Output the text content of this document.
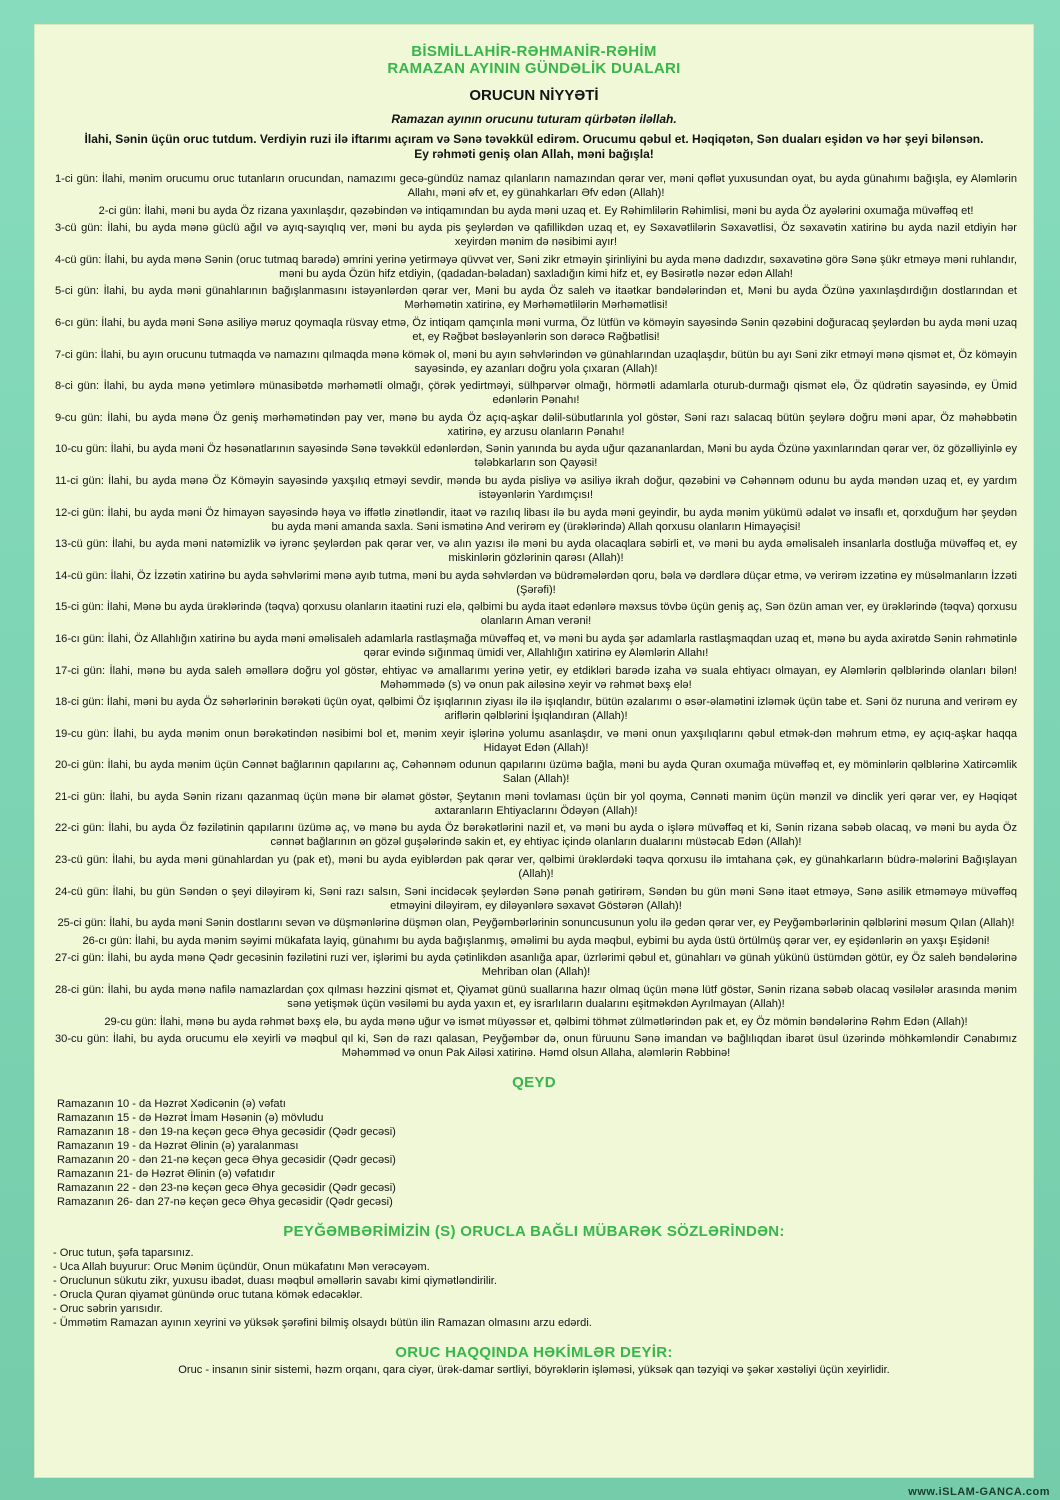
BİSMİLLAHİR-RƏHMANİR-RƏHİM
RAMAZAN AYININ GÜNDƏLİK DUALARI
ORUCUN NİYYƏTİ
Ramazan ayının orucunu tuturam qürbətən iləllah.
İlahi, Sənin üçün oruc tutdum. Verdiyin ruzi ilə iftarımı açıram və Sənə təvəkkül edirəm. Orucumu qəbul et. Həqiqətən, Sən duaları eşidən və hər şeyi bilənsən. Ey rəhməti geniş olan Allah, məni bağışla!
1-ci gün: İlahi, mənim orucumu oruc tutanların orucundan, namazımı gecə-gündüz namaz qılanların namazından qərar ver, məni qəflət yuxusundan oyat, bu ayda günahımı bağışla, ey Aləmlərin Allahı, məni əfv et, ey günahkarları Əfv edən (Allah)!
2-ci gün: İlahi, məni bu ayda Öz rizana yaxınlaşdır, qəzəbindən və intiqamından bu ayda məni uzaq et. Ey Rəhimlilərin Rəhimlisi, məni bu ayda Öz ayələrini oxumağa müvəffəq et!
3-cü gün: İlahi, bu ayda mənə güclü ağıl və ayıq-sayıqlıq ver, məni bu ayda pis şeylərdən və qafillikdən uzaq et, ey Səxavətlilərin Səxavətlisi, Öz səxavətin xatirinə bu ayda nazil etdiyin hər xeyirdən mənim də nəsibimi ayır!
4-cü gün: İlahi, bu ayda mənə Sənin (oruc tutmaq barədə) əmrini yerinə yetirməyə qüvvət ver, Səni zikr etməyin şirinliyini bu ayda mənə dadızdır, səxavətinə görə Sənə şükr etməyə məni ruhlandır, məni bu ayda Özün hifz etdiyin, (qadadan-bəladan) saxladığın kimi hifz et, ey Bəsirətlə nəzər edən Allah!
5-ci gün: İlahi, bu ayda məni günahlarının bağışlanmasını istəyənlərdən qərar ver, Məni bu ayda Öz saleh və itaətkar bəndələrindən et, Məni bu ayda Özünə yaxınlaşdırdığın dostlarından et Mərhəmətin xatirinə, ey Mərhəmətlilərin Mərhəmətlisi!
6-cı gün: İlahi, bu ayda məni Sənə asiliyə məruz qoymaqla rüsvay etmə, Öz intiqam qamçınla məni vurma, Öz lütfün və köməyin sayəsində Sənin qəzəbini doğuracaq şeylərdən bu ayda məni uzaq et, ey Rəğbət bəsləyənlərin son dərəcə Rəğbətlisi!
7-ci gün: İlahi, bu ayın orucunu tutmaqda və namazını qılmaqda mənə kömək ol, məni bu ayın səhvlərindən və günahlarından uzaqlaşdır, bütün bu ayı Səni zikr etməyi mənə qismət et, Öz köməyin sayəsində, ey azanları doğru yola çıxaran (Allah)!
8-ci gün: İlahi, bu ayda mənə yetimlərə münasibətdə mərhəmətli olmağı, çörək yedirtməyi, sülhpərvər olmağı, hörmətli adamlarla oturub-durmağı qismət elə, Öz qüdrətin sayəsində, ey Ümid edənlərin Pənahı!
9-cu gün: İlahi, bu ayda mənə Öz geniş mərhəmətindən pay ver, mənə bu ayda Öz açıq-aşkar dəlil-sübutlarınla yol göstər, Səni razı salacaq bütün şeylərə doğru məni apar, Öz məhəbbətin xatirinə, ey arzusu olanların Pənahı!
10-cu gün: İlahi, bu ayda məni Öz həsənatlarının sayəsində Sənə təvəkkül edənlərdən, Sənin yanında bu ayda uğur qazananlardan, Məni bu ayda Özünə yaxınlarından qərar ver, öz gözəlliyinlə ey tələbkarların son Qayəsi!
11-ci gün: İlahi, bu ayda mənə Öz Köməyin sayəsində yaxşılıq etməyi sevdir, məndə bu ayda pisliyə və asiliyə ikrah doğur, qəzəbini və Cəhənnəm odunu bu ayda məndən uzaq et, ey yardım istəyənlərin Yardımçısı!
12-ci gün: İlahi, bu ayda məni Öz himayən sayəsində həya və iffətlə zinətləndir, itaət və razılıq libası ilə bu ayda məni geyindir, bu ayda mənim yükümü ədalət və insaflı et, qorxduğum hər şeydən bu ayda məni amanda saxla. Səni ismətinə And verirəm ey (ürəklərində) Allah qorxusu olanların Himayəçisi!
13-cü gün: İlahi, bu ayda məni natəmizlik və iyrənc şeylərdən pak qərar ver, və alın yazısı ilə məni bu ayda olacaqlara səbirli et, və məni bu ayda əməlisaleh insanlarla dostluğa müvəffəq et, ey miskinlərin gözlərinin qarəsı (Allah)!
14-cü gün: İlahi, Öz İzzətin xatirinə bu ayda səhvlərimi mənə ayıb tutma, məni bu ayda səhvlərdən və büdrəmələrdən qoru, bəla və dərdlərə düçar etmə, və verirəm izzətinə ey müsəlmanların İzzəti (Şərəfi)!
15-ci gün: İlahi, Mənə bu ayda ürəklərində (təqva) qorxusu olanların itaətini ruzi elə, qəlbimi bu ayda itaət edənlərə məxsus tövbə üçün geniş aç, Sən özün aman ver, ey ürəklərində (təqva) qorxusu olanların Aman verəni!
16-cı gün: İlahi, Öz Allahlığın xatirinə bu ayda məni əməlisaleh adamlarla rastlaşmağa müvəffəq et, və məni bu ayda şər adamlarla rastlaşmaqdan uzaq et, mənə bu ayda axirətdə Sənin rəhmətinlə qərar evində sığınmaq ümidi ver, Allahlığın xatirinə ey Aləmlərin Allahı!
17-ci gün: İlahi, mənə bu ayda saleh əməllərə doğru yol göstər, ehtiyac və amallarımı yerinə yetir, ey etdikləri barədə izaha və suala ehtiyacı olmayan, ey Aləmlərin qəlblərində olanları bilən! Məhəmmədə (s) və onun pak ailəsinə xeyir və rəhmət bəxş elə!
18-ci gün: İlahi, məni bu ayda Öz səhərlərinin bərəkəti üçün oyat, qəlbimi Öz işıqlarının ziyası ilə ilə işıqlandır, bütün əzalarımı o əsər-əlamətini izləmək üçün tabe et. Səni öz nuruna and verirəm ey ariflərin qəlblərini İşıqlandıran (Allah)!
19-cu gün: İlahi, bu ayda mənim onun bərəkətindən nəsibimi bol et, mənim xeyir işlərinə yolumu asanlaşdır, və məni onun yaxşılıqlarını qəbul etmək-dən məhrum etmə, ey açıq-aşkar haqqa Hidayət Edən (Allah)!
20-ci gün: İlahi, bu ayda mənim üçün Cənnət bağlarının qapılarını aç, Cəhənnəm odunun qapılarını üzümə bağla, məni bu ayda Quran oxumağa müvəffəq et, ey möminlərin qəlblərinə Xatircəmlik Salan (Allah)!
21-ci gün: İlahi, bu ayda Sənin rizanı qazanmaq üçün mənə bir əlamət göstər, Şeytanın məni tovlaması üçün bir yol qoyma, Cənnəti mənim üçün mənzil və dinclik yeri qərar ver, ey Həqiqət axtaranların Ehtiyaclarını Ödəyən (Allah)!
22-ci gün: İlahi, bu ayda Öz fəzilətinin qapılarını üzümə aç, və mənə bu ayda Öz bərəkətlərini nazil et, və məni bu ayda o işlərə müvəffəq et ki, Sənin rizana səbəb olacaq, və məni bu ayda Öz cənnət bağlarının ən gözəl guşələrində sakin et, ey ehtiyac içində olanların dualarını müstəcab Edən (Allah)!
23-cü gün: İlahi, bu ayda məni günahlardan yu (pak et), məni bu ayda eyiblərdən pak qərar ver, qəlbimi ürəklərdəki təqva qorxusu ilə imtahana çək, ey günahkarların büdrə-mələrini Bağışlayan (Allah)!
24-cü gün: İlahi, bu gün Səndən o şeyi diləyirəm ki, Səni razı salsın, Səni incidəcək şeylərdən Sənə pənah gətirirəm, Səndən bu gün məni Sənə itaət etməyə, Sənə asilik etməməyə müvəffəq etməyini diləyirəm, ey diləyənlərə səxavət Göstərən (Allah)!
25-ci gün: İlahi, bu ayda məni Sənin dostlarını sevən və düşmənlərinə düşmən olan, Peyğəmbərlərinin sonuncusunun yolu ilə gedən qərar ver, ey Peyğəmbərlərinin qəlblərini məsum Qılan (Allah)!
26-cı gün: İlahi, bu ayda mənim səyimi mükafata layiq, günahımı bu ayda bağışlanmış, əməlimi bu ayda məqbul, eybimi bu ayda üstü örtülmüş qərar ver, ey eşidənlərin ən yaxşı Eşidəni!
27-ci gün: İlahi, bu ayda mənə Qədr gecəsinin fəzilətini ruzi ver, işlərimi bu ayda çətinlikdən asanlığa apar, üzrlərimi qəbul et, günahları və günah yükünü üstümdən götür, ey Öz saleh bəndələrinə Mehriban olan (Allah)!
28-ci gün: İlahi, bu ayda mənə nafilə namazlardan çox qılması həzzini qismət et, Qiyamət günü suallarına hazır olmaq üçün mənə lütf göstər, Sənin rizana səbəb olacaq vəsilələr arasında mənim sənə yetişmək üçün vəsiləmi bu ayda yaxın et, ey israrlıların dualarını eşitməkdən Ayrılmayan (Allah)!
29-cu gün: İlahi, mənə bu ayda rəhmət bəxş elə, bu ayda mənə uğur və ismət müyəssər et, qəlbimi töhmət zülmətlərindən pak et, ey Öz mömin bəndələrinə Rəhm Edən (Allah)!
30-cu gün: İlahi, bu ayda orucumu elə xeyirli və məqbul qıl ki, Sən də razı qalasan, Peyğəmbər də, onun füruunu Sənə imandan və bağlılıqdan ibarət üsul üzərində möhkəmləndir Cənabımız Məhəmməd və onun Pak Ailəsi xatirinə. Həmd olsun Allaha, aləmlərin Rəbbinə!
QEYD
Ramazanın 10 - da Həzrət Xədicənin (ə) vəfatı
Ramazanın 15 - də Həzrət İmam Həsənin (ə) mövludu
Ramazanın 18 - dən 19-na keçən gecə Əhya gecəsidir (Qədr gecəsi)
Ramazanın 19 - da Həzrət Əlinin (ə) yaralanması
Ramazanın 20 - dən 21-nə keçən gecə Əhya gecəsidir (Qədr gecəsi)
Ramazanın 21- də Həzrət Əlinin (ə) vəfatıdır
Ramazanın 22 - dən 23-nə keçən gecə Əhya gecəsidir (Qədr gecəsi)
Ramazanın 26- dan 27-nə keçən gecə Əhya gecəsidir (Qədr gecəsi)
PEYĞƏMBƏRİMİZİN (S) ORUCLA BAĞLI MÜBARƏK SÖZLƏRİNDƏN:
- Oruc tutun, şəfa taparsınız.
- Uca Allah buyurur: Oruc Mənim üçündür, Onun mükafatını Mən verəcəyəm.
- Oruclunun sükutu zikr, yuxusu ibadət, duası məqbul əməllərin savabı kimi qiymətləndirilir.
- Orucla Quran qiyamət günündə oruc tutana kömək edəcəklər.
- Oruc səbrin yarısıdır.
- Ümmətim Ramazan ayının xeyrini və yüksək şərəfini bilmiş olsaydı bütün ilin Ramazan olmasını arzu edərdi.
ORUC HAQQINDA HƏKİMLƏR DEYİR:
Oruc - insanın sinir sistemi, həzm orqanı, qara ciyər, ürək-damar sərtliyi, böyrəklərin işləməsi, yüksək qan təzyiqi və şəkər xəstəliyi üçün xeyirlidir.
www.iSLAM-GANCA.com
